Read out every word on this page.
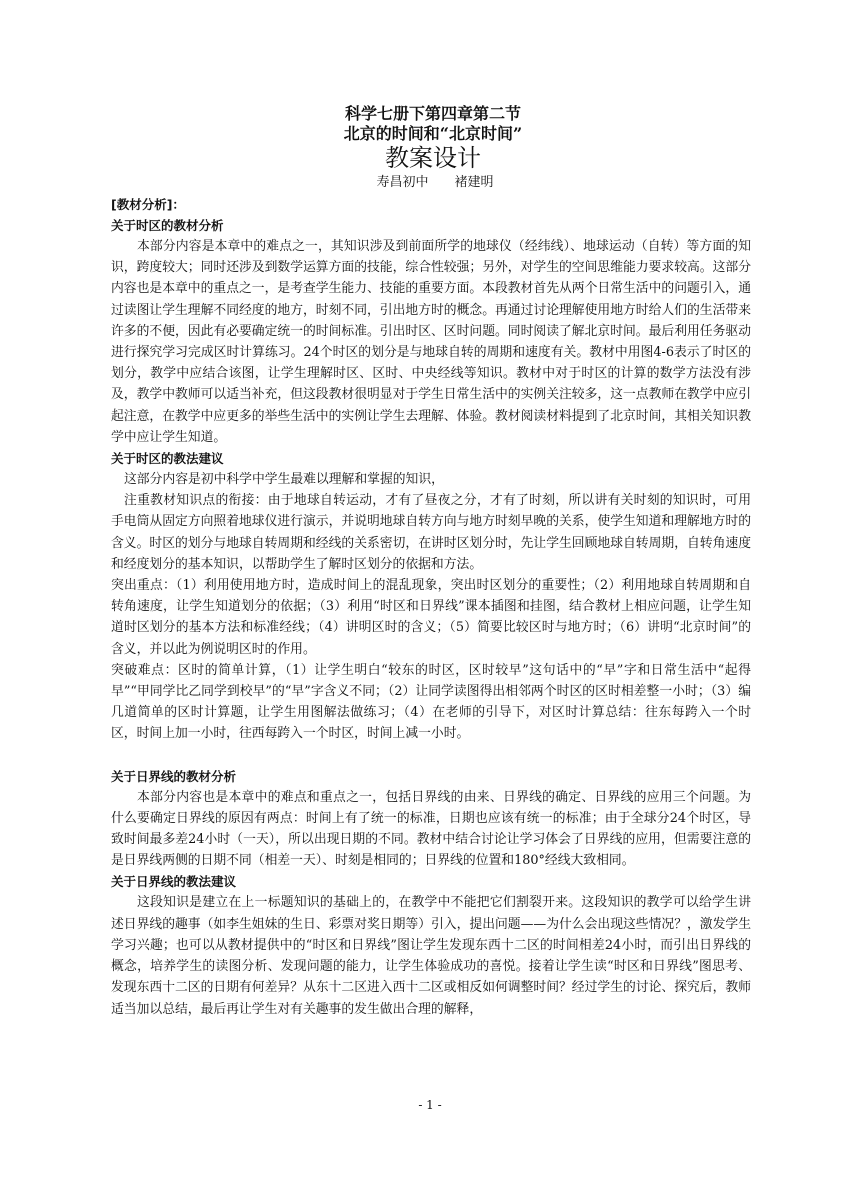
科学七册下第四章第二节
北京的时间和“北京时间”
教案设计
寿昌初中　　褚建明
[教材分析]：
关于时区的教材分析
本部分内容是本章中的难点之一，其知识涉及到前面所学的地球仪（经纬线）、地球运动（自转）等方面的知识，跨度较大；同时还涉及到数学运算方面的技能，综合性较强；另外，对学生的空间思维能力要求较高。这部分内容也是本章中的重点之一，是考查学生能力、技能的重要方面。本段教材首先从两个日常生活中的问题引入，通过读图让学生理解不同经度的地方，时刻不同，引出地方时的概念。再通过讨论理解使用地方时给人们的生活带来许多的不便，因此有必要确定统一的时间标准。引出时区、区时问题。同时阅读了解北京时间。最后利用任务驱动进行探究学习完成区时计算练习。24个时区的划分是与地球自转的周期和速度有关。教材中用图4-6表示了时区的划分，教学中应结合该图，让学生理解时区、区时、中央经线等知识。教材中对于时区的计算的数学方法没有涉及，教学中教师可以适当补充，但这段教材很明显对于学生日常生活中的实例关注较多，这一点教师在教学中应引起注意，在教学中应更多的举些生活中的实例让学生去理解、体验。教材阅读材料提到了北京时间，其相关知识教学中应让学生知道。
关于时区的教法建议
这部分内容是初中科学中学生最难以理解和掌握的知识，
注重教材知识点的衔接：由于地球自转运动，才有了昼夜之分，才有了时刻，所以讲有关时刻的知识时，可用手电筒从固定方向照着地球仪进行演示，并说明地球自转方向与地方时刻早晚的关系，使学生知道和理解地方时的含义。时区的划分与地球自转周期和经线的关系密切，在讲时区划分时，先让学生回顾地球自转周期，自转角速度和经度划分的基本知识，以帮助学生了解时区划分的依据和方法。
突出重点：（1）利用使用地方时，造成时间上的混乱现象，突出时区划分的重要性；（2）利用地球自转周期和自转角速度，让学生知道划分的依据；（3）利用“时区和日界线”课本插图和挂图，结合教材上相应问题，让学生知道时区划分的基本方法和标准经线；（4）讲明区时的含义；（5）简要比较区时与地方时；（6）讲明“北京时间”的含义，并以此为例说明区时的作用。
突破难点：区时的简单计算，（1）让学生明白“较东的时区，区时较早”这句话中的“早”字和日常生活中“起得早”“甲同学比乙同学到校早”的“早”字含义不同；（2）让同学读图得出相邻两个时区的区时相差整一小时；（3）编几道简单的区时计算题，让学生用图解法做练习；（4）在老师的引导下，对区时计算总结：往东每跨入一个时区，时间上加一小时，往西每跨入一个时区，时间上减一小时。
关于日界线的教材分析
本部分内容也是本章中的难点和重点之一，包括日界线的由来、日界线的确定、日界线的应用三个问题。为什么要确定日界线的原因有两点：时间上有了统一的标准，日期也应该有统一的标准；由于全球分24个时区，导致时间最多差24小时（一天），所以出现日期的不同。教材中结合讨论让学习体会了日界线的应用，但需要注意的是日界线两侧的日期不同（相差一天）、时刻是相同的；日界线的位置和180°经线大致相同。
关于日界线的教法建议
这段知识是建立在上一标题知识的基础上的，在教学中不能把它们割裂开来。这段知识的教学可以给学生讲述日界线的趣事（如李生姐妹的生日、彩票对奖日期等）引入，提出问题——为什么会出现这些情况？，激发学生学习兴趣；也可以从教材提供中的“时区和日界线”图让学生发现东西十二区的时间相差24小时，而引出日界线的概念，培养学生的读图分析、发现问题的能力，让学生体验成功的喜悦。接着让学生读“时区和日界线”图思考、发现东西十二区的日期有何差异？从东十二区进入西十二区或相反如何调整时间？经过学生的讨论、探究后，教师适当加以总结，最后再让学生对有关趣事的发生做出合理的解释，
- 1 -
